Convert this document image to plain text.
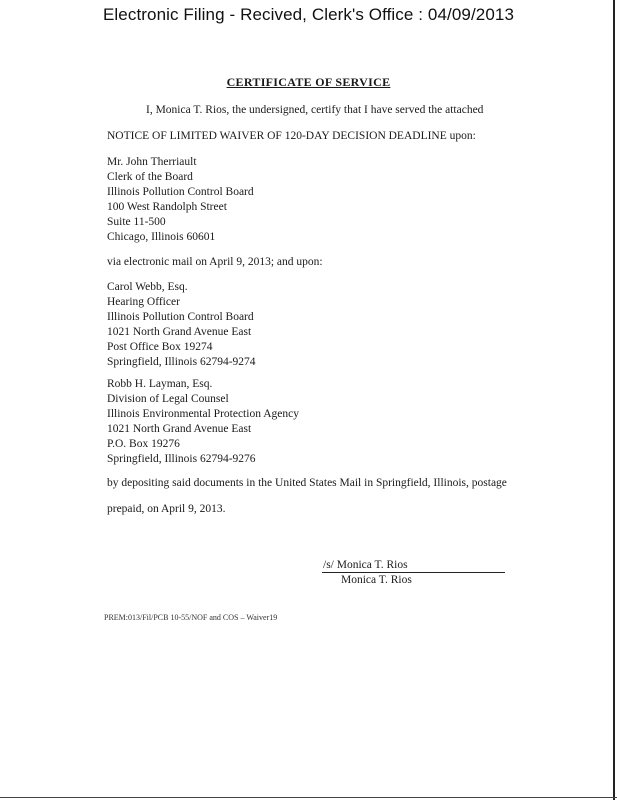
Electronic Filing - Recived, Clerk's Office : 04/09/2013
CERTIFICATE OF SERVICE
I, Monica T. Rios, the undersigned, certify that I have served the attached
NOTICE OF LIMITED WAIVER OF 120-DAY DECISION DEADLINE upon:
Mr. John Therriault
Clerk of the Board
Illinois Pollution Control Board
100 West Randolph Street
Suite 11-500
Chicago, Illinois 60601
via electronic mail on April 9, 2013; and upon:
Carol Webb, Esq.
Hearing Officer
Illinois Pollution Control Board
1021 North Grand Avenue East
Post Office Box 19274
Springfield, Illinois 62794-9274
Robb H. Layman, Esq.
Division of Legal Counsel
Illinois Environmental Protection Agency
1021 North Grand Avenue East
P.O. Box 19276
Springfield, Illinois 62794-9276
by depositing said documents in the United States Mail in Springfield, Illinois, postage
prepaid, on April 9, 2013.
/s/ Monica T. Rios
Monica T. Rios
PREM:013/Fil/PCB 10-55/NOF and COS – Waiver19
